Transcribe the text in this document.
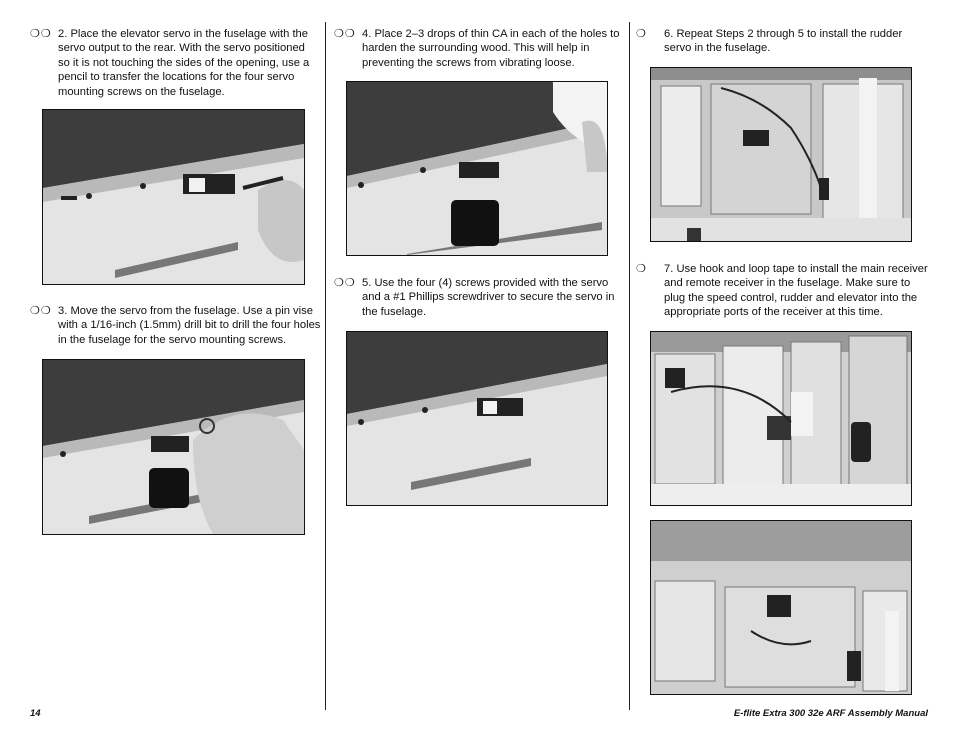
❍❍ 2. Place the elevator servo in the fuselage with the servo output to the rear. With the servo positioned so it is not touching the sides of the opening, use a pencil to transfer the locations for the four servo mounting screws on the fuselage.
❍❍ 3. Move the servo from the fuselage. Use a pin vise with a 1/16-inch (1.5mm) drill bit to drill the four holes in the fuselage for the servo mounting screws.
❍❍ 4. Place 2–3 drops of thin CA in each of the holes to harden the surrounding wood. This will help in preventing the screws from vibrating loose.
❍❍ 5. Use the four (4) screws provided with the servo and a #1 Phillips screwdriver to secure the servo in the fuselage.
❍ 6. Repeat Steps 2 through 5 to install the rudder servo in the fuselage.
❍ 7. Use hook and loop tape to install the main receiver and remote receiver in the fuselage. Make sure to plug the speed control, rudder and elevator into the appropriate ports of the receiver at this time.
14	E-flite Extra 300 32e ARF Assembly Manual
